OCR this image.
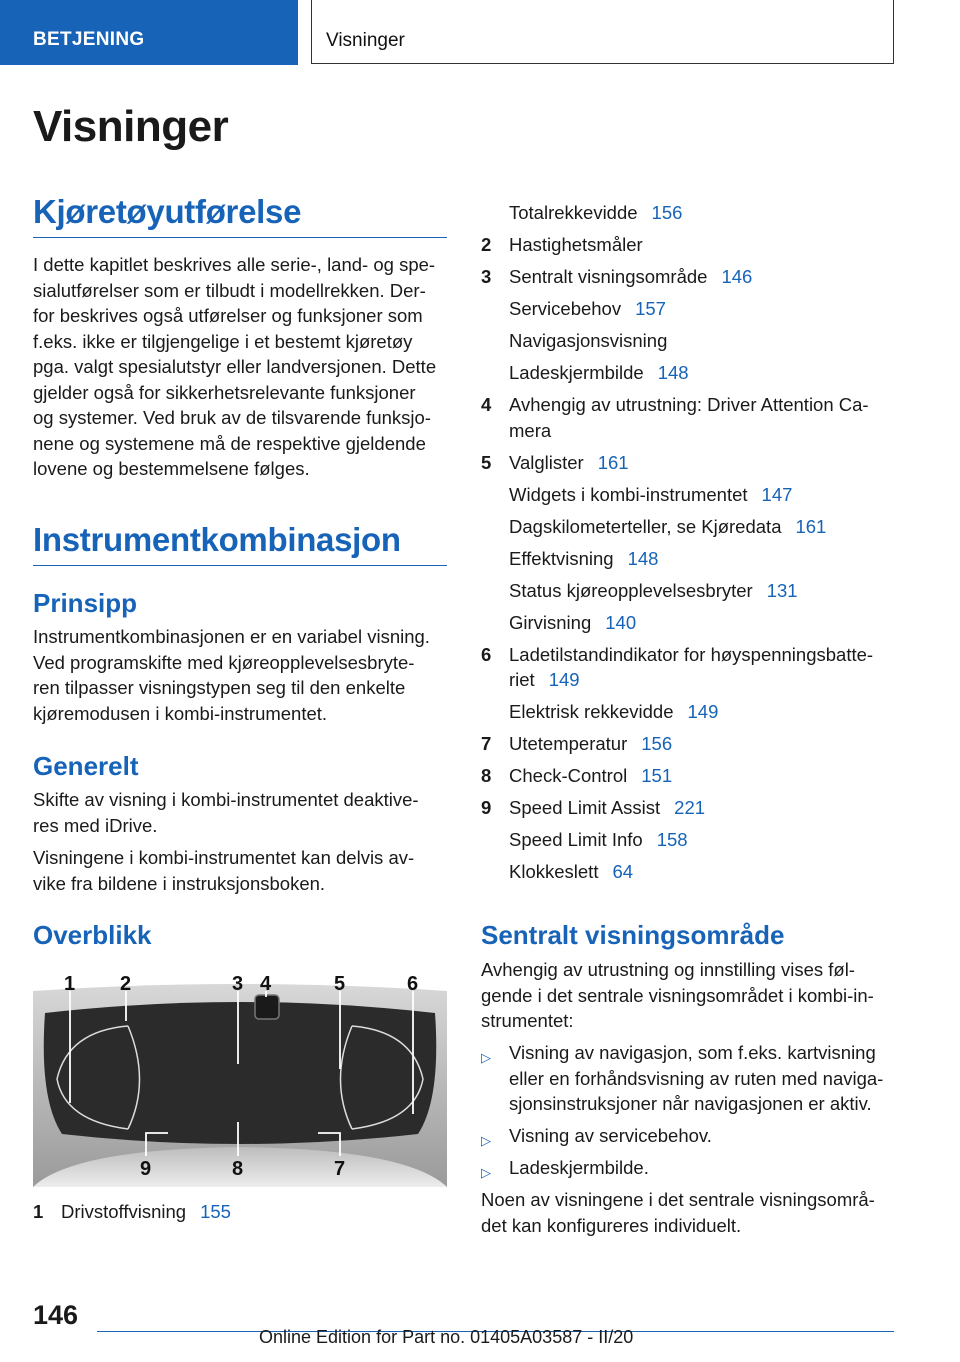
BETJENING	Visninger
Visninger
Kjøretøyutførelse
I dette kapitlet beskrives alle serie-, land- og spe-
sialutførelser som er tilbudt i modellrekken. Der-
for beskrives også utførelser og funksjoner som
f.eks. ikke er tilgjengelige i et bestemt kjøretøy
pga. valgt spesialutstyr eller landversjonen. Dette
gjelder også for sikkerhetsrelevante funksjoner
og systemer. Ved bruk av de tilsvarende funksjo-
nene og systemene må de respektive gjeldende
lovene og bestemmelsene følges.
Instrumentkombinasjon
Prinsipp
Instrumentkombinasjonen er en variabel visning.
Ved programskifte med kjøreopplevelsesbryte-
ren tilpasser visningstypen seg til den enkelte
kjøremodusen i kombi-instrumentet.
Generelt
Skifte av visning i kombi-instrumentet deaktive-
res med iDrive.
Visningene i kombi-instrumentet kan delvis av-
vike fra bildene i instruksjonsboken.
Overblikk
1 2	3 4	5	6
9	8	7
1 Drivstoffvisning 155
Totalrekkevidde 156
2 Hastighetsmåler
3 Sentralt visningsområde 146
Servicebehov 157
Navigasjonsvisning
Ladeskjermbilde 148
4 Avhengig av utrustning: Driver Attention Ca-
mera
5 Valglister 161
Widgets i kombi-instrumentet 147
Dagskilometerteller, se Kjøredata 161
Effektvisning 148
Status kjøreopplevelsesbryter 131
Girvisning 140
6 Ladetilstandindikator for høyspenningsbatte-
riet 149
Elektrisk rekkevidde 149
7 Utetemperatur 156
8 Check-Control 151
9 Speed Limit Assist 221
Speed Limit Info 158
Klokkeslett 64
Sentralt visningsområde
Avhengig av utrustning og innstilling vises føl-
gende i det sentrale visningsområdet i kombi-in-
strumentet:
▷ Visning av navigasjon, som f.eks. kartvisning
eller en forhåndsvisning av ruten med naviga-
sjonsinstruksjoner når navigasjonen er aktiv.
▷ Visning av servicebehov.
▷ Ladeskjermbilde.
Noen av visningene i det sentrale visningsområ-
det kan konfigureres individuelt.
146
Online Edition for Part no. 01405A03587 - II/20
